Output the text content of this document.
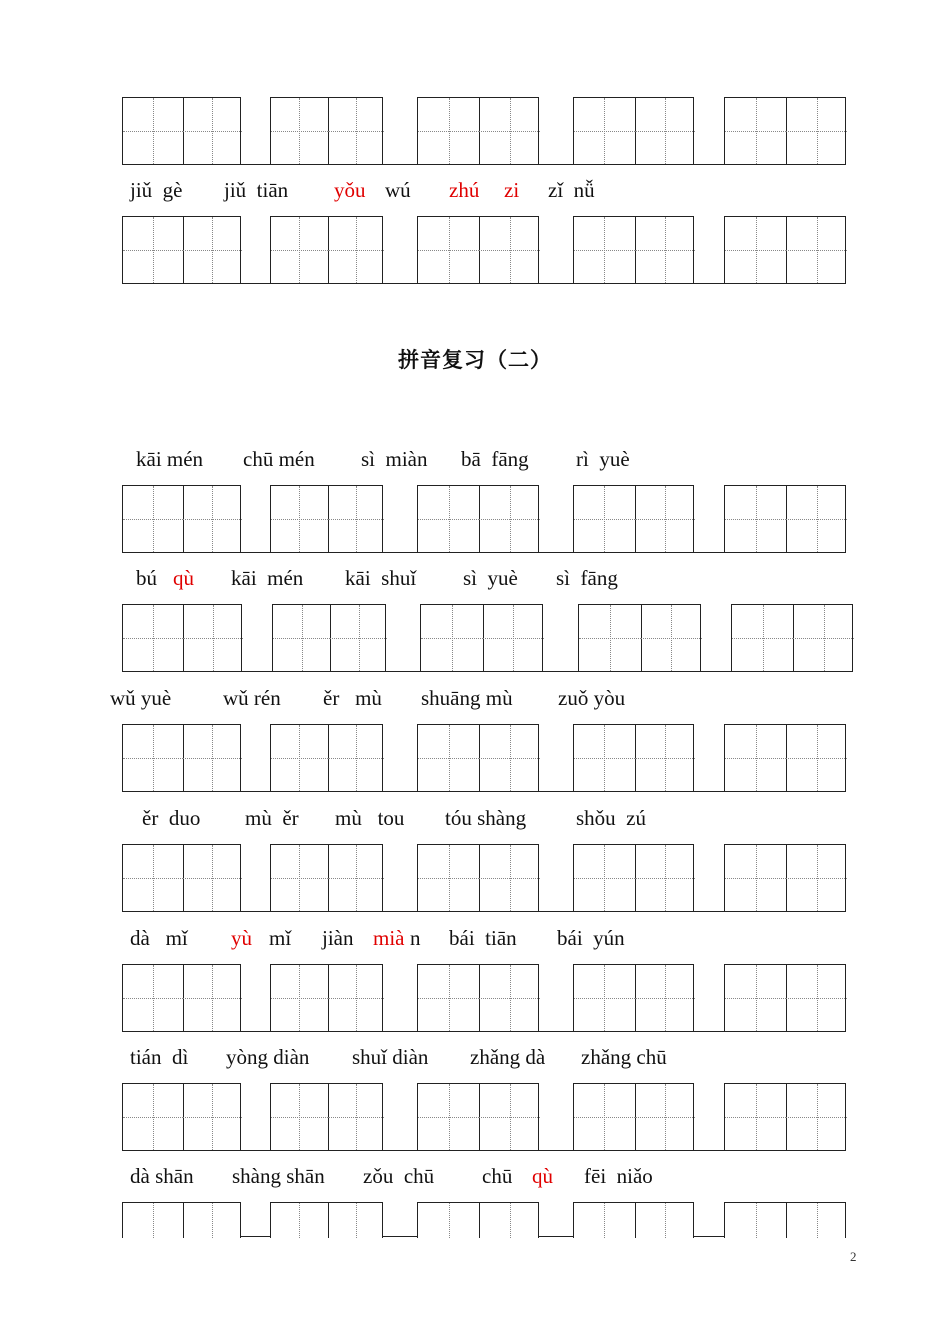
jiǔ  gè jiǔ  tiān yǒu wú zhú zi zǐ  nǚ
kāi mén chū mén sì  miàn bā  fāng rì  yuè
bú qù kāi  mén kāi  shuǐ sì  yuè sì  fāng
wǔ yuè wǔ rén ěr   mù shuāng mù zuǒ yòu
ěr  duo mù  ěr mù   tou tóu shàng shǒu  zú
dà   mǐ yù mǐ jiàn mià n bái  tiān bái  yún
tián  dì yòng diàn shuǐ diàn zhǎng dà zhǎng chū
dà shān shàng shān zǒu  chū chū qù fēi  niǎo
拼音复习（二）
2
